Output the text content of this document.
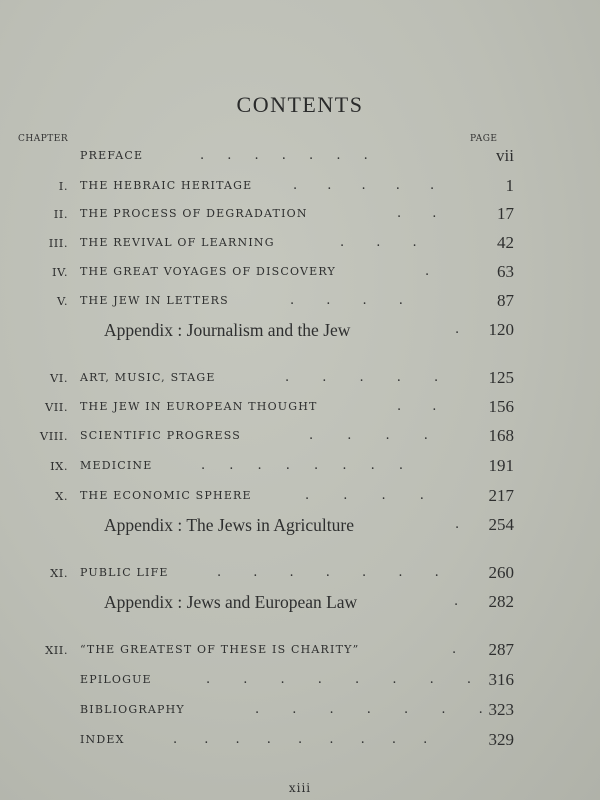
CONTENTS
CHAPTER	PAGE
PREFACE	. . . . . . .	vii
I. THE HEBRAIC HERITAGE	. . . . .	1
II. THE PROCESS OF DEGRADATION	. .	17
III. THE REVIVAL OF LEARNING	. . .	42
IV. THE GREAT VOYAGES OF DISCOVERY	.	63
V. THE JEW IN LETTERS	. . . .	87
Appendix : Journalism and the Jew	. 120
VI. ART, MUSIC, STAGE	. . . . .	125
VII. THE JEW IN EUROPEAN THOUGHT	. .	156
VIII. SCIENTIFIC PROGRESS	. . . .	168
IX. MEDICINE	. . . . . . . .	191
X. THE ECONOMIC SPHERE	. . . .	217
Appendix : The Jews in Agriculture	. 254
XI. PUBLIC LIFE	. . . . . . .	260
Appendix : Jews and European Law	. 282
XII. “THE GREATEST OF THESE IS CHARITY”	. 287
EPILOGUE	. . . . . . . . 316
BIBLIOGRAPHY	. . . . . . . 323
INDEX	. . . . . . . . .	329
xiii
